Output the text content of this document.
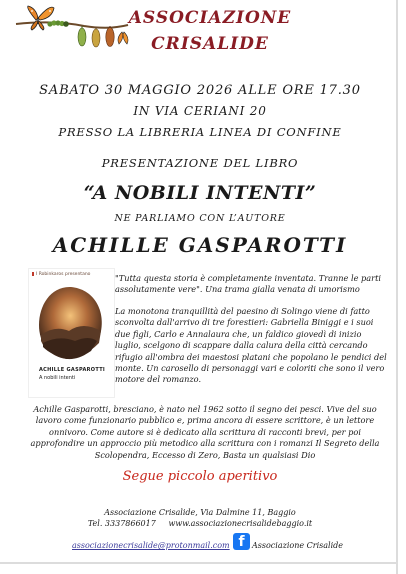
ASSOCIAZIONE
CRISALIDE
SABATO 30 MAGGIO 2026 ALLE ORE 17.30
IN VIA CERIANI 20
PRESSO LA LIBRERIA LINEA DI CONFINE
PRESENTAZIONE DEL LIBRO
“A NOBILI INTENTI”
NE PARLIAMO CON L’AUTORE
ACHILLE GASPAROTTI
I Robinkaros presentano
ACHILLE GASPAROTTI
A nobili intenti
"Tutta questa storia è completamente inventata. Tranne le parti assolutamente vere". Una trama gialla venata di umorismo
La monotona tranquillità del paesino di Solingo viene di fatto sconvolta dall'arrivo di tre forestieri: Gabriella Biniggi e i suoi due figli, Carlo e Annalaura che, un faldico giovedì di inizio luglio, scelgono di scappare dalla calura della città cercando rifugio all'ombra dei maestosi platani che popolano le pendici del monte. Un carosello di personaggi vari e coloriti che sono il vero motore del romanzo.
Achille Gasparotti, bresciano, è nato nel 1962 sotto il segno dei pesci. Vive del suo lavoro come funzionario pubblico e, prima ancora di essere scrittore, è un lettore onnivoro. Come autore si è dedicato alla scrittura di racconti brevi, per poi approfondire un approccio più metodico alla scrittura con i romanzi Il Segreto della Scolopendra, Eccesso di Zero, Basta un qualsiasi Dio
Segue piccolo aperitivo
Associazione Crisalide, Via Dalmine 11, Baggio
Tel. 3337866017     www.associazionecrisalidebaggio.it
associazionecrisalide@protonmail.com f Associazione Crisalide
